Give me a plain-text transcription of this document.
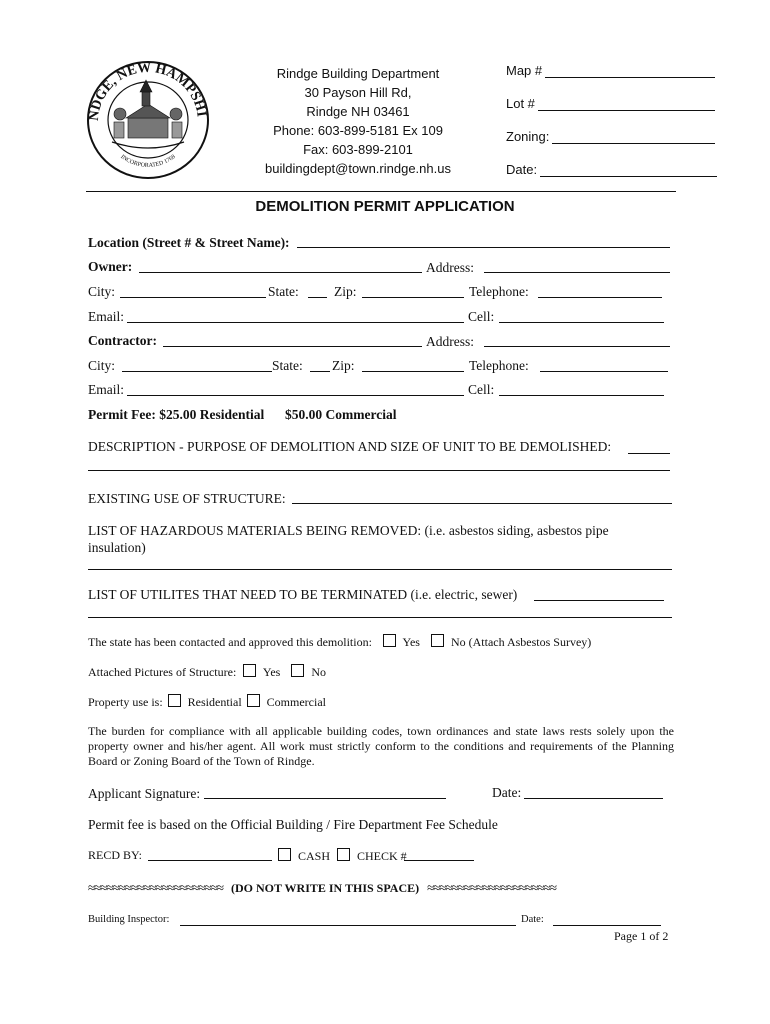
NDGE, NEW HAMPSHI
INCORPORATED 1768
Rindge Building Department
30 Payson Hill Rd,
Rindge NH 03461
Phone: 603-899-5181 Ex 109
Fax: 603-899-2101
buildingdept@town.rindge.nh.us
Map #
Lot #
Zoning:
Date:
DEMOLITION PERMIT APPLICATION
Location (Street # & Street Name):
Owner:	Address:
City:	State:	Zip:	Telephone:
Email:	Cell:
Contractor:	Address:
City:	State: Zip:	Telephone:
Email:	Cell:
Permit Fee: $25.00 Residential $50.00 Commercial
DESCRIPTION - PURPOSE OF DEMOLITION AND SIZE OF UNIT TO BE DEMOLISHED:
EXISTING USE OF STRUCTURE:
LIST OF HAZARDOUS MATERIALS BEING REMOVED: (i.e. asbestos siding, asbestos pipe
insulation)
LIST OF UTILITES THAT NEED TO BE TERMINATED (i.e. electric, sewer)
The state has been contacted and approved this demolition:	Yes	No (Attach Asbestos Survey)
Attached Pictures of Structure: Yes	No
Property use is: Residential Commercial
The burden for compliance with all applicable building codes, town ordinances and state laws rests solely upon the property owner and his/her agent. All work must strictly conform to the conditions and requirements of the Planning Board or Zoning Board of the Town of Rindge.
Applicant Signature:	Date:
Permit fee is based on the Official Building / Fire Department Fee Schedule
RECD BY:	CASH CHECK #
≈≈≈≈≈≈≈≈≈≈≈≈≈≈≈≈≈≈≈≈≈≈ (DO NOT WRITE IN THIS SPACE) ≈≈≈≈≈≈≈≈≈≈≈≈≈≈≈≈≈≈≈≈≈
Building Inspector:	Date:
Page 1 of 2
